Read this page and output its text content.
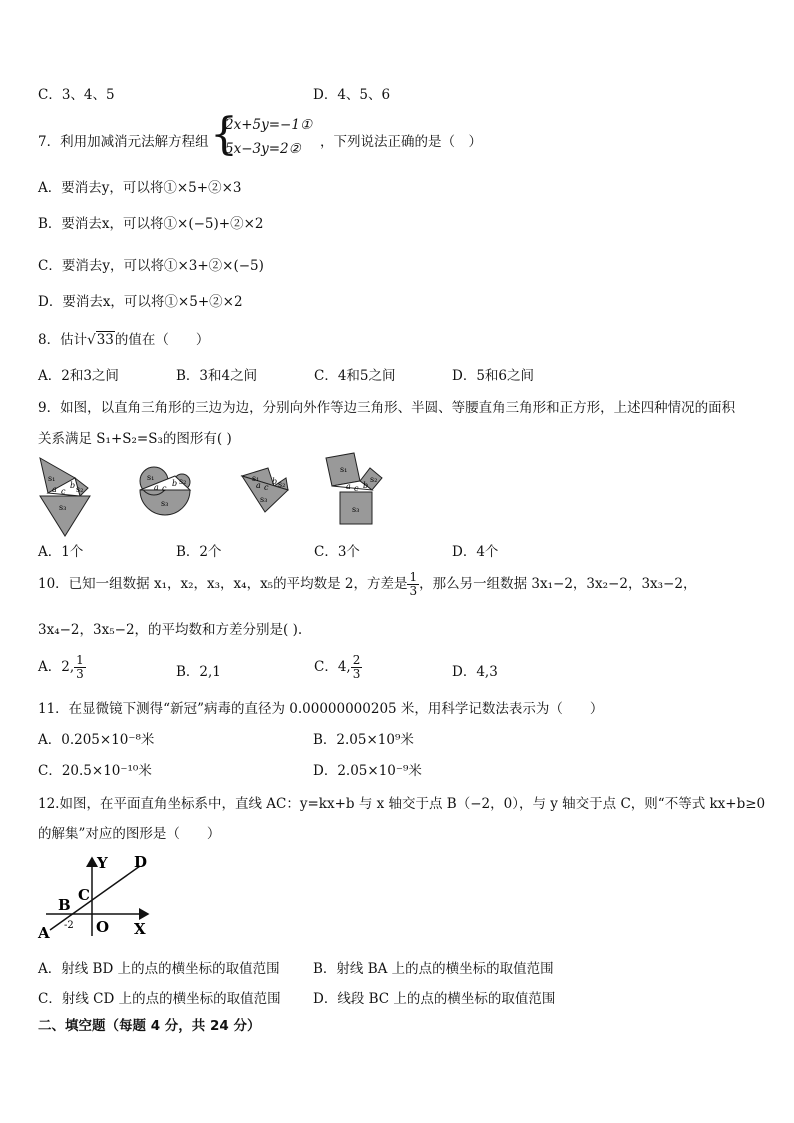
C．3、4、5	D．4、5、6
7．利用加减消元法解方程组 {
2x+5y=−1①
5x−3y=2② ，下列说法正确的是（　）
A．要消去y，可以将①×5+②×3
B．要消去x，可以将①×(−5)+②×2
C．要消去y，可以将①×3+②×(−5)
D．要消去x，可以将①×5+②×2
8．估计√33的值在（　　）
A．2和3之间	B．3和4之间	C．4和5之间	D．5和6之间
9．如图，以直角三角形的三边为边，分别向外作等边三角形、半圆、等腰直角三角形和正方形，上述四种情况的面积
关系满足 S₁+S₂=S₃的图形有( )
s₁
s₂
s₃
a c
b
s₁	s₂
s₃
a c
b
s₁
s₂
s₃
a c
b
s₁
s₂
s₃
a c b
A．1个	B．2个	C．3个	D．4个
10．已知一组数据 x₁，x₂，x₃，x₄，x₅的平均数是 2，方差是 $\frac{1}{3}$ ，那么另一组数据 3x₁−2，3x₂−2，3x₃−2，
3x₄−2，3x₅−2，的平均数和方差分别是( ).
A．2, $\frac{1}{3}$	B．2,1	C．4, $\frac{2}{3}$	D．4,3
11．在显微镜下测得“新冠”病毒的直径为 0.00000000205 米，用科学记数法表示为（　　）
A．0.205×10⁻⁸米	B．2.05×10⁹米
C．20.5×10⁻¹⁰米	D．2.05×10⁻⁹米
12.如图，在平面直角坐标系中，直线 AC：y=kx+b 与 x 轴交于点 B（−2，0），与 y 轴交于点 C，则“不等式 kx+b≥0
的解集”对应的图形是（　　）
Y D
C
B
A -2 O X
A．射线 BD 上的点的横坐标的取值范围 B．射线 BA 上的点的横坐标的取值范围
C．射线 CD 上的点的横坐标的取值范围 D．线段 BC 上的点的横坐标的取值范围
二、填空题（每题 4 分，共 24 分）
